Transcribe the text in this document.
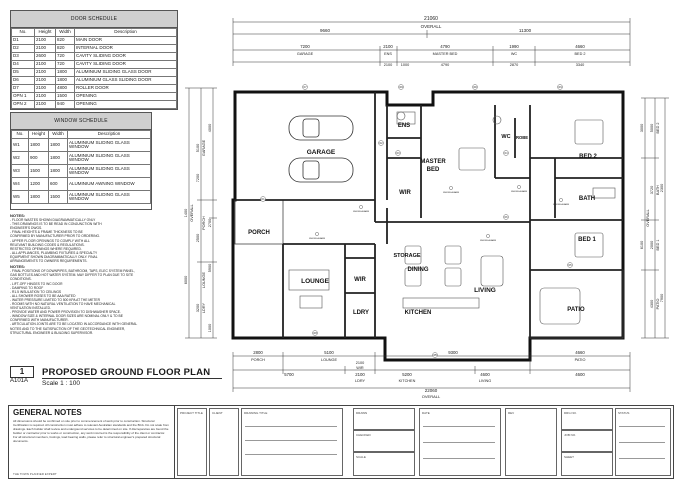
DOOR SCHEDULE
No.	Height	Width	Description
D1	2100	820	MAIN DOOR
D2	2100	820	INTERNAL DOOR
D3	2600	720	CAVITY SLIDING DOOR
D4	2100	720	CAVITY SLIDING DOOR
D5	2100	1800	ALUMINIUM SLIDING GLASS DOOR
D6	2100	1800	ALUMINIUM GLASS SLIDING DOOR
D7	2100	4800	ROLLER DOOR
OPN 1	2100	1500	OPENING
OPN 2	2100	940	OPENING
WINDOW SCHEDULE
No.	Height	Width	Description
W1	1800	1800	ALUMINIUM SLIDING GLASS WINDOW
W2	900	1800	ALUMINIUM SLIDING GLASS WINDOW
W3	1500	1800	ALUMINIUM SLIDING GLASS WINDOW
W4	1200	600	ALUMINIUM AWNING WINDOW
W5	1800	1500	ALUMINIUM SLIDING GLASS WINDOW
NOTES:
- FLOOR WASTES SHOWN DIAGRAMMATICALLY ONLY
- THIS DRAWINGS IS TO BE READ IN CONJUNCTION WITH
ENGINEER'S DWGS.
- FINAL HEIGHTS & FRAME THICKNESS TO BE
CONFIRMED BY MANUFACTURER PRIOR TO ORDERING.
- UPPER FLOOR OPENINGS TO COMPLY WITH ALL
RELEVANT BUILDING CODES & REGULATIONS.
RESTRICTED OPENINGS WHERE REQUIRED.
- ALL APPLIANCES, PLUMBING FIXTURES & SPECIALTY
EQUIPMENT SHOWN DIAGRAMMATICALLY ONLY. FINAL
ARRANGEMENTS TO OWNERS REQUIREMENTS.
NOTES:
- FINAL POSITIONS OF DOWNPIPES, BATHROOM, TAPS, ELEC SYSTEM PANEL,
GAS BOTTLES AND HOT WATER SYSTEM. MAY DIFFER TO PLAN DUE TO SITE
CONDITIONS.
- LIFT-OFF HINGES TO WC DOOR
- DAMPING TO ROOF
- R1.5 INSULATION TO CEILINGS
- ALL SHOWER ROSES TO BE AAA RATED
- WATER PRESSURE LIMITED TO 500 KPA AT THE METER
- ROOMS WITH NO NATURAL VENTILATION TO HAVE MECHANICAL
VENTILATION INSTALLED.
- PROVIDE WATER AND POWER PROVISION TO DISHWASHER SPACE.
- WINDOW SIZE & INTERNAL DOOR SIZES ARE NOMINAL ONLY & TO BE
CONFIRMED WITH MANUFACTURER.
- ARTICULATION JOINTS ARE TO BE LOCATED IN ACCORDANCE WITH GENERAL
NOTES AND TO THE SATISFACTION OF THE GEOTECHNICAL ENGINEER,
STRUCTURAL ENGINEER & BUILDING SUPERVISOR.
21060
OVERALL
9660	11300
7200	2100	4790	1990	4660
GARAGE	ENS	MASTER BED	WC	BED 2
2100 1000	4790	2870	3340
1400
5100
4000
7200
2700
6000
2500
5900
3200
1000
OVERALL
GARAGE
PORCH
LOUNGE
LDRY
3000 5000
2300
3720
6100 2000
7900
4300
OVERALL
BED 2
BATH
BED 1
PATIO
ENS
GARAGE
MASTER
BED
WC ROBE
BED 2
WIR
BATH
PORCH
STORAGE
BED 1
DINING
LOUNGE	WIR
LIVING
LDRY	KITCHEN	PATIO
2800	5100	9300	4660
PORCH	LOUNGE	PATIO
2100
WIR
5700	2100	5200	4600	4600
LDRY	KITCHEN	LIVING
22060
OVERALL
D1
D2
D3	D4
D5
D6
D7	W1
W2
W3
W4
W5
SMOKE ALARM
SMOKE ALARM	SMOKE ALARM
SMOKE ALARM
SMOKE ALARM
SMOKE ALARM
1
A101A
PROPOSED GROUND FLOOR PLAN
Scale 1 : 100
GENERAL NOTES
All dimensions should be confirmed on site prior to commencement of work prior to construction. Structural Certification is required. All construction must adhere to relevant Australian standards and the BCA. Do not scale from drawings. Each builder shall review and undergound services to be determined on site. If discrepancies are found the builder or contractor prior to works or construction, any work incurred is the responsibility of the client or contractor. For all structural members, footings, load bearing walls, please refer to structural engineer's prepared structural documents.
THE TOWN PLANNER EXPERT
PROJECT TITLE	CLIENT	DRAWING TITLE	DRAWN
CHECKED
SCALE
DATE	REV	DRG NO.
JOB NO.
SHEET
STATUS
